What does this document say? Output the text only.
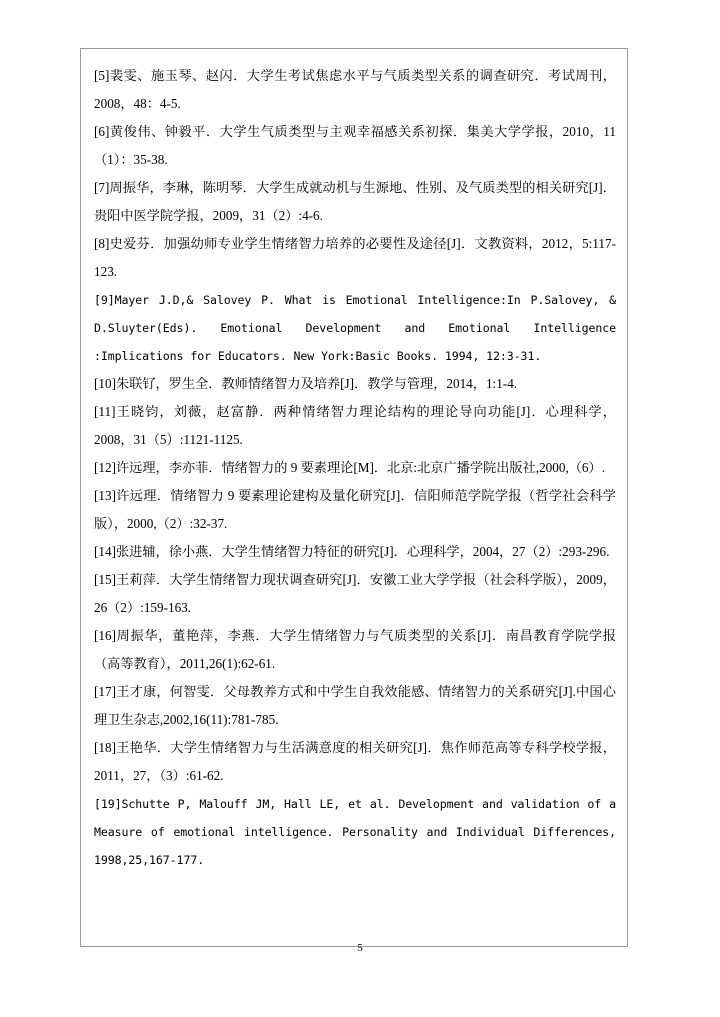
[5]裴雯、施玉琴、赵闪．大学生考试焦虑水平与气质类型关系的调查研究．考试周刊，2008，48：4-5.

[6]黄俊伟、钟毅平．大学生气质类型与主观幸福感关系初探．集美大学学报，2010，11（1）：35-38.

[7]周振华，李琳，陈明琴．大学生成就动机与生源地、性别、及气质类型的相关研究[J]．贵阳中医学院学报，2009，31（2）:4-6.

[8]史爱芬．加强幼师专业学生情绪智力培养的必要性及途径[J]．文教资料，2012，5:117-123.

[9]Mayer J.D,& Salovey P. What is Emotional Intelligence:In P.Salovey, & D.Sluyter(Eds). Emotional Development and Emotional Intelligence :Implications for Educators. New York:Basic Books. 1994, 12:3-31.

[10]朱联钌，罗生全．教师情绪智力及培养[J]．教学与管理，2014，1:1-4.

[11]王晓钧，刘薇，赵富静．两种情绪智力理论结构的理论导向功能[J]．心理科学，2008，31（5）:1121-1125.

[12]许远理，李亦菲．情绪智力的 9 要素理论[M]．北京:北京广播学院出版社,2000,（6）.

[13]许远理．情绪智力 9 要素理论建构及量化研究[J]．信阳师范学院学报（哲学社会科学版），2000,（2）:32-37.

[14]张进辅，徐小燕．大学生情绪智力特征的研究[J]．心理科学，2004，27（2）:293-296.

[15]王莉萍．大学生情绪智力现状调查研究[J]．安徽工业大学学报（社会科学版），2009，26（2）:159-163.

[16]周振华，董艳萍，李燕．大学生情绪智力与气质类型的关系[J]．南昌教育学院学报（高等教育），2011,26(1):62-61.

[17]王才康，何智雯．父母教养方式和中学生自我效能感、情绪智力的关系研究[J].中国心理卫生杂志,2002,16(11):781-785.

[18]王艳华．大学生情绪智力与生活满意度的相关研究[J]．焦作师范高等专科学校学报，2011，27，（3）:61-62.

[19]Schutte P, Malouff JM, Hall LE, et al. Development and validation of a Measure of emotional intelligence. Personality and Individual Differences, 1998,25,167-177.

5
